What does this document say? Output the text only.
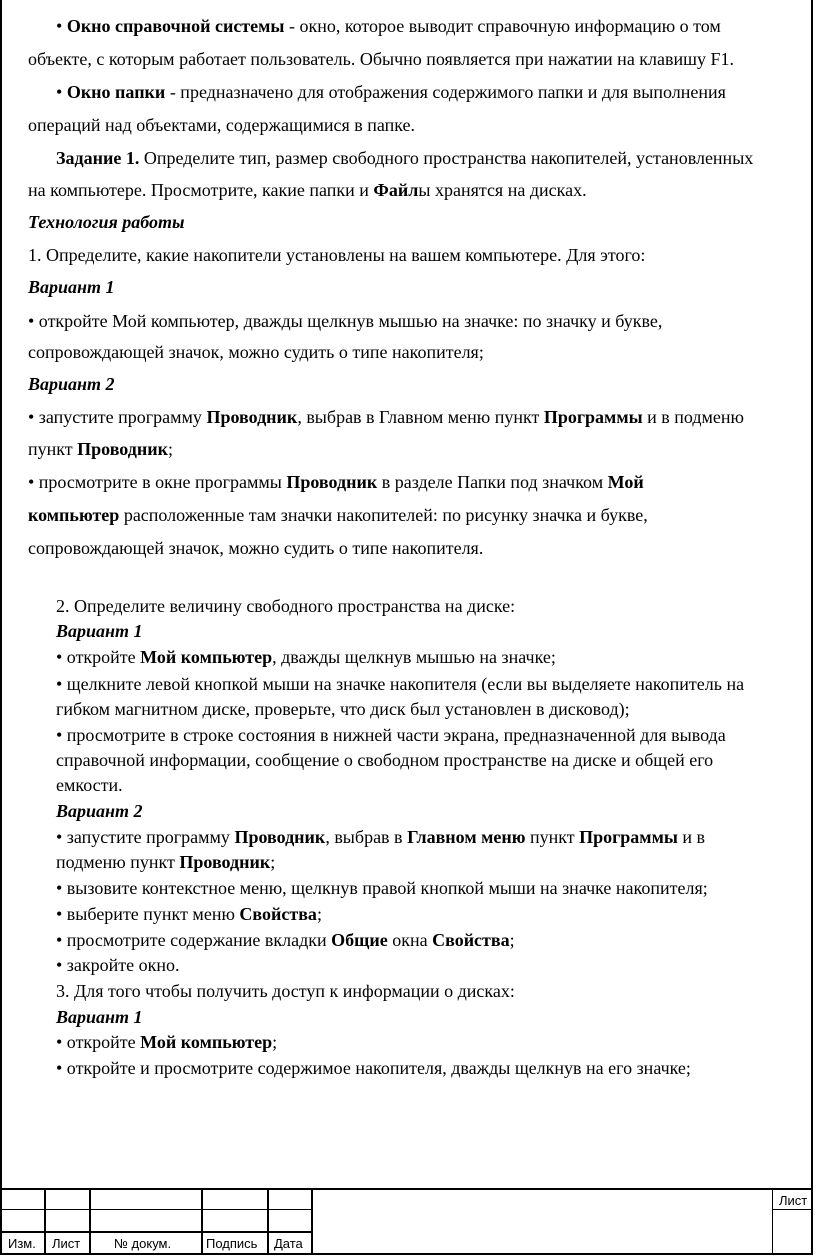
• Окно справочной системы - окно, которое выводит справочную информацию о том
объекте, с которым работает пользователь. Обычно появляется при нажатии на клавишу F1.
• Окно папки - предназначено для отображения содержимого папки и для выполнения
операций над объектами, содержащимися в папке.
Задание 1. Определите тип, размер свободного пространства накопителей, установленных
на компьютере. Просмотрите, какие папки и Файлы хранятся на дисках.
Технология работы
1. Определите, какие накопители установлены на вашем компьютере. Для этого:
Вариант 1
• откройте Мой компьютер, дважды щелкнув мышью на значке: по значку и букве,
сопровождающей значок, можно судить о типе накопителя;
Вариант 2
• запустите программу Проводник, выбрав в Главном меню пункт Программы и в подменю
пункт Проводник;
• просмотрите в окне программы Проводник в разделе Папки под значком Мой
компьютер расположенные там значки накопителей: по рисунку значка и букве,
сопровождающей значок, можно судить о типе накопителя.
2. Определите величину свободного пространства на диске:
Вариант 1
• откройте Мой компьютер, дважды щелкнув мышью на значке;
• щелкните левой кнопкой мыши на значке накопителя (если вы выделяете накопитель на
гибком магнитном диске, проверьте, что диск был установлен в дисковод);
• просмотрите в строке состояния в нижней части экрана, предназначенной для вывода
справочной информации, сообщение о свободном пространстве на диске и общей его
емкости.
Вариант 2
• запустите программу Проводник, выбрав в Главном меню пункт Программы и в
подменю пункт Проводник;
• вызовите контекстное меню, щелкнув правой кнопкой мыши на значке накопителя;
• выберите пункт меню Свойства;
• просмотрите содержание вкладки Общие окна Свойства;
• закройте окно.
3. Для того чтобы получить доступ к информации о дисках:
Вариант 1
• откройте Мой компьютер;
• откройте и просмотрите содержимое накопителя, дважды щелкнув на его значке;
Изм. Лист	№ докум.	Подпись Дата
Лист
